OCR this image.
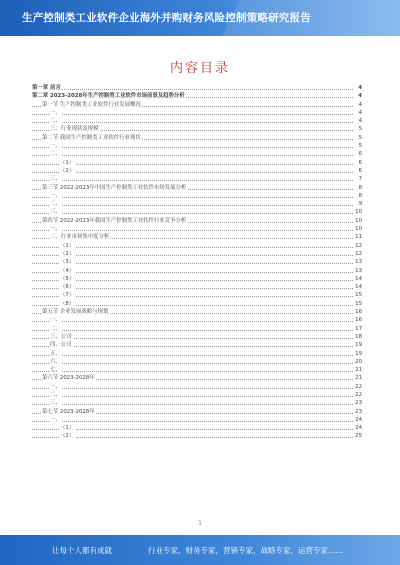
生产控制类工业软件企业海外并购财务风险控制策略研究报告
内容目录
第一章 前言	4
第二章 2023-2028年生产控制类工业软件市场前景及趋势分析	4
第一节 生产控制类工业软件行业发展概况	4
一、	4
二、	4
三、行业现状及规模	5
第二节 我国生产控制类工业软件行业现状	5
一、	5
二、	6
（1）	6
（2）	6
三、	7
第三节 2022-2023年中国生产控制类工业软件市场发展分析	8
一、	8
二、	9
三、	10
第四节 2022-2023年我国生产控制类工业软件行业竞争分析	10
一、	10
二、行业市场集中度分析	11
（1）	12
（2）	12
（3）	13
（4）	13
（5）	14
（6）	14
（7）	15
（8）	15
第五节 企业发展战略与规划	16
一、	16
二、	17
三、公司	18
四、公司	19
五、	19
六、	20
七、	21
第六节 2023-2028年	21
一、	22
二、	22
三、	23
第七节 2023-2028年	23
一、	24
（1）	24
（2）	25
1
让每个人都有成就	行业专家，财务专家，营销专家，战略专家，运营专家……
